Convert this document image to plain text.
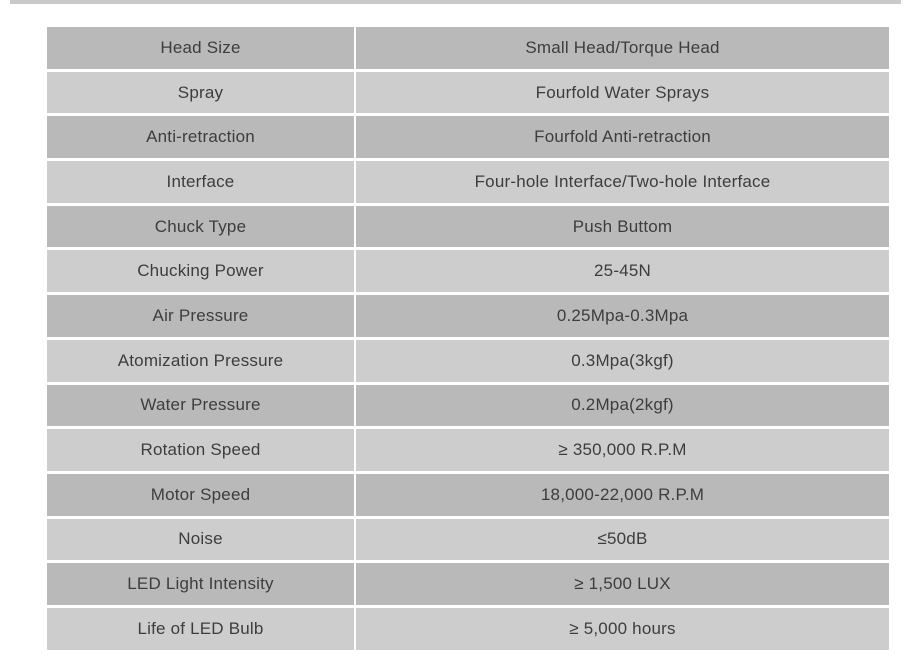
Head Size	Small Head/Torque Head
Spray	Fourfold Water Sprays
Anti-retraction	Fourfold Anti-retraction
Interface	Four-hole Interface/Two-hole Interface
Chuck Type	Push Buttom
Chucking Power	25-45N
Air Pressure	0.25Mpa-0.3Mpa
Atomization Pressure	0.3Mpa(3kgf)
Water Pressure	0.2Mpa(2kgf)
Rotation Speed	≥ 350,000 R.P.M
Motor Speed	18,000-22,000 R.P.M
Noise	≤50dB
LED Light Intensity	≥ 1,500 LUX
Life of LED Bulb	≥ 5,000 hours
